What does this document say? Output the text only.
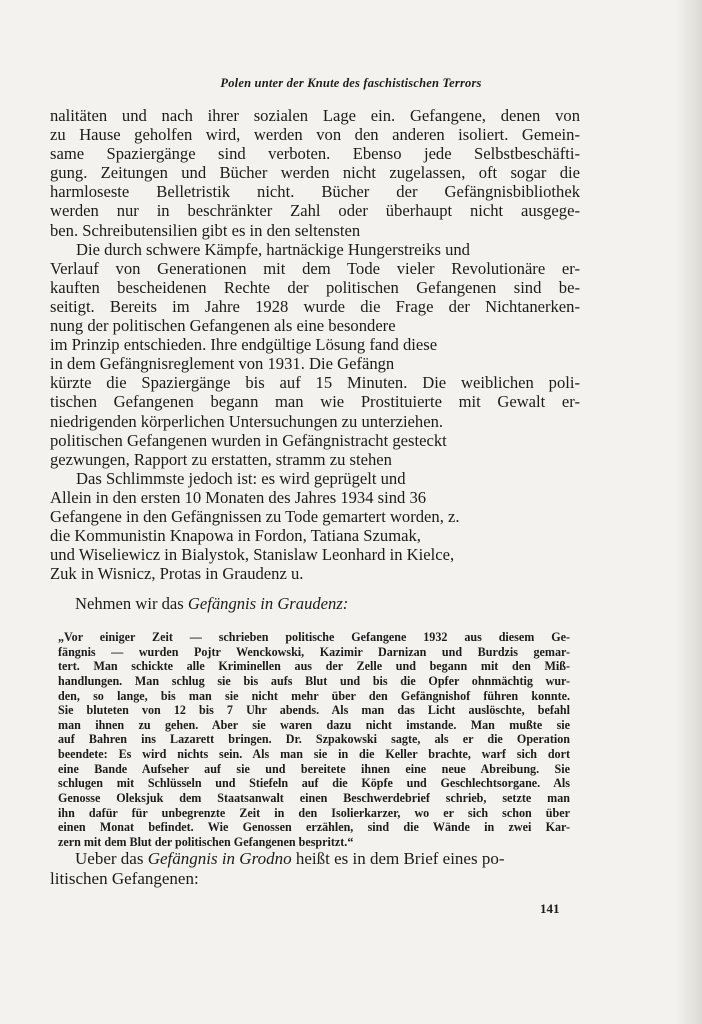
Polen unter der Knute des faschistischen Terrors
nalitäten und nach ihrer sozialen Lage ein. Gefangene, denen von
zu Hause geholfen wird, werden von den anderen isoliert. Gemein-
same Spaziergänge sind verboten. Ebenso jede Selbstbeschäfti-
gung. Zeitungen und Bücher werden nicht zugelassen, oft sogar die
harmloseste Belletristik nicht. Bücher der Gefängnisbibliothek
werden nur in beschränkter Zahl oder überhaupt nicht ausgege-
ben. Schreibutensilien gibt es in den seltensten
Die durch schwere Kämpfe, hartnäckige Hungerstreiks und
Verlauf von Generationen mit dem Tode vieler Revolutionäre er-
kauften bescheidenen Rechte der politischen Gefangenen sind be-
seitigt. Bereits im Jahre 1928 wurde die Frage der Nichtanerken-
nung der politischen Gefangenen als eine besondere
im Prinzip entschieden. Ihre endgültige Lösung fand diese
in dem Gefängnisreglement von 1931. Die Gefängn
kürzte die Spaziergänge bis auf 15 Minuten. Die weiblichen poli-
tischen Gefangenen begann man wie Prostituierte mit Gewalt er-
niedrigenden körperlichen Untersuchungen zu unterziehen.
politischen Gefangenen wurden in Gefängnistracht gesteckt
gezwungen, Rapport zu erstatten, stramm zu stehen
Das Schlimmste jedoch ist: es wird geprügelt und
Allein in den ersten 10 Monaten des Jahres 1934 sind 36
Gefangene in den Gefängnissen zu Tode gemartert worden, z.
die Kommunistin Knapowa in Fordon, Tatiana Szumak,
und Wiseliewicz in Bialystok, Stanislaw Leonhard in Kielce,
Zuk in Wisnicz, Protas in Graudenz u.
Nehmen wir das Gefängnis in Graudenz:
„Vor einiger Zeit — schrieben politische Gefangene 1932 aus diesem Ge-
fängnis — wurden Pojtr Wenckowski, Kazimir Darnizan und Burdzis gemar-
tert. Man schickte alle Kriminellen aus der Zelle und begann mit den Miß-
handlungen. Man schlug sie bis aufs Blut und bis die Opfer ohnmächtig wur-
den, so lange, bis man sie nicht mehr über den Gefängnishof führen konnte.
Sie bluteten von 12 bis 7 Uhr abends. Als man das Licht auslöschte, befahl
man ihnen zu gehen. Aber sie waren dazu nicht imstande. Man mußte sie
auf Bahren ins Lazarett bringen. Dr. Szpakowski sagte, als er die Operation
beendete: Es wird nichts sein. Als man sie in die Keller brachte, warf sich dort
eine Bande Aufseher auf sie und bereitete ihnen eine neue Abreibung. Sie
schlugen mit Schlüsseln und Stiefeln auf die Köpfe und Geschlechtsorgane. Als
Genosse Oleksjuk dem Staatsanwalt einen Beschwerdebrief schrieb, setzte man
ihn dafür für unbegrenzte Zeit in den Isolierkarzer, wo er sich schon über
einen Monat befindet. Wie Genossen erzählen, sind die Wände in zwei Kar-
zern mit dem Blut der politischen Gefangenen bespritzt.“
Ueber das Gefängnis in Grodno heißt es in dem Brief eines po-
litischen Gefangenen:
141
